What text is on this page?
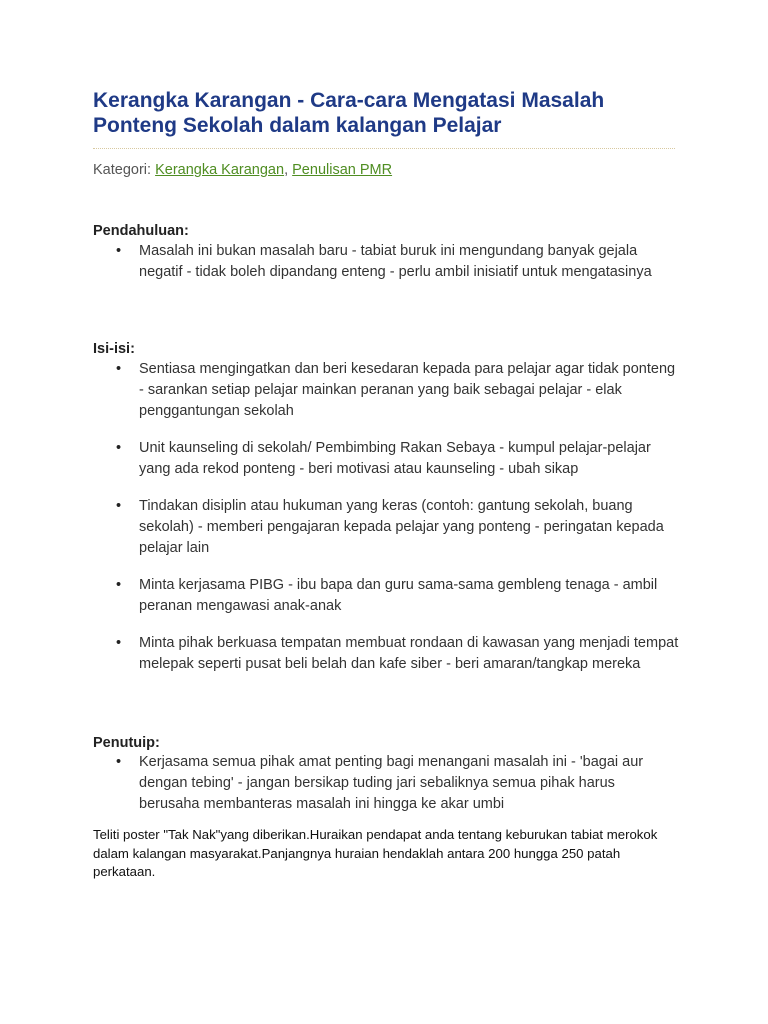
Kerangka Karangan - Cara-cara Mengatasi Masalah Ponteng Sekolah dalam kalangan Pelajar
Kategori: Kerangka Karangan, Penulisan PMR
Pendahuluan:
• Masalah ini bukan masalah baru - tabiat buruk ini mengundang banyak gejala negatif - tidak boleh dipandang enteng - perlu ambil inisiatif untuk mengatasinya
Isi-isi:
• Sentiasa mengingatkan dan beri kesedaran kepada para pelajar agar tidak ponteng - sarankan setiap pelajar mainkan peranan yang baik sebagai pelajar - elak penggantungan sekolah
• Unit kaunseling di sekolah/ Pembimbing Rakan Sebaya - kumpul pelajar-pelajar yang ada rekod ponteng - beri motivasi atau kaunseling - ubah sikap
• Tindakan disiplin atau hukuman yang keras (contoh: gantung sekolah, buang sekolah) - memberi pengajaran kepada pelajar yang ponteng - peringatan kepada pelajar lain
• Minta kerjasama PIBG - ibu bapa dan guru sama-sama gembleng tenaga - ambil peranan mengawasi anak-anak
• Minta pihak berkuasa tempatan membuat rondaan di kawasan yang menjadi tempat melepak seperti pusat beli belah dan kafe siber - beri amaran/tangkap mereka
Penutuip:
• Kerjasama semua pihak amat penting bagi menangani masalah ini - 'bagai aur dengan tebing' - jangan bersikap tuding jari sebaliknya semua pihak harus berusaha membanteras masalah ini hingga ke akar umbi
Teliti poster "Tak Nak"yang diberikan.Huraikan pendapat anda tentang keburukan tabiat merokok dalam kalangan masyarakat.Panjangnya huraian hendaklah antara 200 hungga 250 patah perkataan.
